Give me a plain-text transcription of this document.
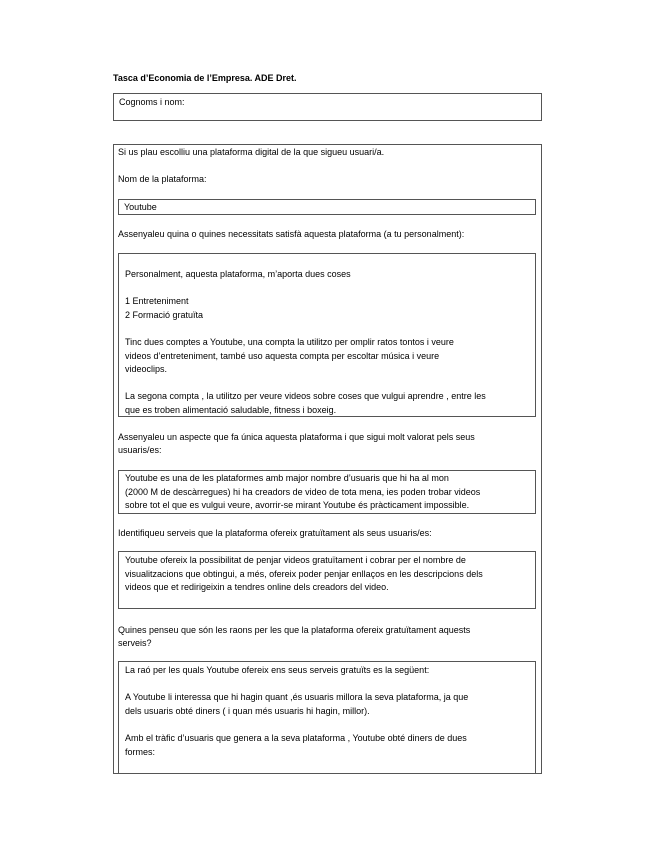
Tasca d’Economia de l’Empresa. ADE Dret.
Cognoms i nom:
Si us plau escolliu una plataforma digital de la que sigueu usuari/a.
Nom de la plataforma:
Youtube
Assenyaleu quina o quines necessitats satisfà aquesta plataforma (a tu personalment):
Personalment, aquesta plataforma, m’aporta dues coses

1 Entreteniment
2 Formació gratuïta

Tinc dues comptes a Youtube, una compta la utilitzo per omplir ratos tontos i veure
videos d’entreteniment, també uso aquesta compta per escoltar música i veure
videoclips.

La segona compta , la utilitzo per veure videos sobre coses que vulgui aprendre , entre les
que es troben alimentació saludable, fitness i boxeig.
Assenyaleu un aspecte que fa única aquesta plataforma i que sigui molt valorat pels seus
usuaris/es:
Youtube es una de les plataformes amb major nombre d’usuaris que hi ha al mon
(2000 M de descàrregues) hi ha creadors de video de tota mena, ies poden trobar videos
sobre tot el que es vulgui veure, avorrir-se mirant Youtube és pràcticament impossible.
Identifiqueu serveis que la plataforma ofereix gratuïtament als seus usuaris/es:
Youtube ofereix la possibilitat de penjar videos gratuïtament i cobrar per el nombre de
visualitzacions que obtingui, a més, ofereix poder penjar enllaços en les descripcions dels
videos que et redirigeixin a tendres online dels creadors del video.
Quines penseu que són les raons per les que la plataforma ofereix gratuïtament aquests
serveis?
La raó per les quals Youtube ofereix ens seus serveis gratuïts es la següent:

A Youtube li interessa que hi hagin quant ,és usuaris millora la seva plataforma, ja que
dels usuaris obté diners ( i quan més usuaris hi hagin, millor).

Amb el tràfic d’usuaris que genera a la seva plataforma , Youtube obté diners de dues
formes:
